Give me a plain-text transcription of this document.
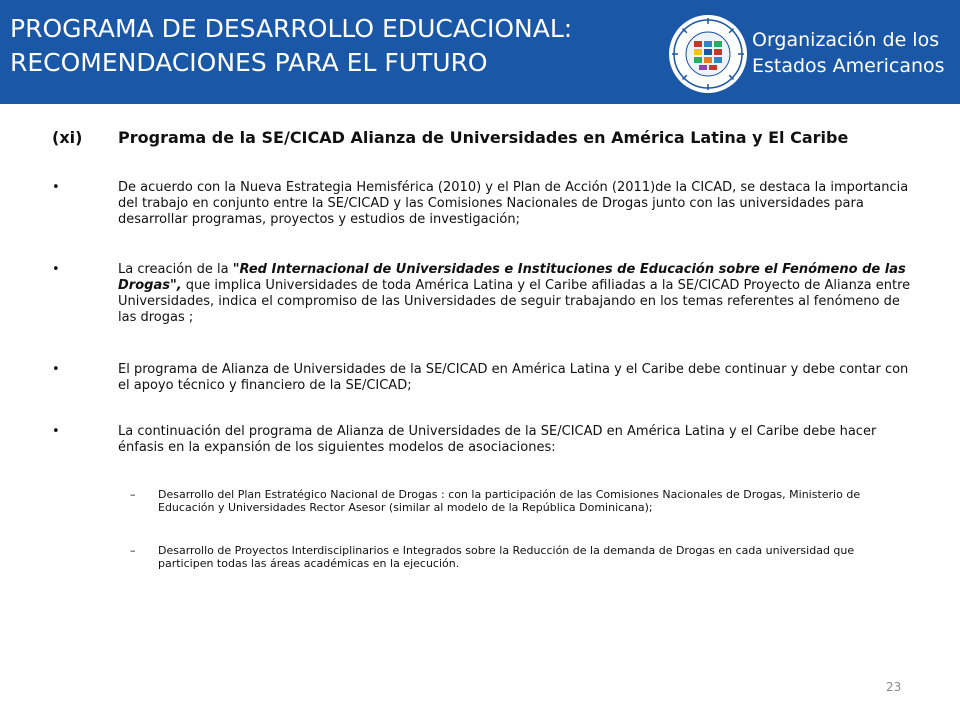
PROGRAMA DE DESARROLLO EDUCACIONAL:
RECOMENDACIONES PARA EL FUTURO
Organización de los
Estados Americanos
(xi) Programa de la SE/CICAD Alianza de Universidades en América Latina y El Caribe
•	De acuerdo con la Nueva Estrategia Hemisférica (2010) y el Plan de Acción (2011)de la CICAD, se destaca la importancia del trabajo en conjunto entre la SE/CICAD y las Comisiones Nacionales de Drogas junto con las universidades para desarrollar programas, proyectos y estudios de investigación;
•	La creación de la "Red Internacional de Universidades e Instituciones de Educación sobre el Fenómeno de las Drogas", que implica Universidades de toda América Latina y el Caribe afiliadas a la SE/CICAD Proyecto de Alianza entre Universidades, indica el compromiso de las Universidades de seguir trabajando en los temas referentes al fenómeno de las drogas ;
•	El programa de Alianza de Universidades de la SE/CICAD en América Latina y el Caribe debe continuar y debe contar con el apoyo técnico y financiero de la SE/CICAD;
•	La continuación del programa de Alianza de Universidades de la SE/CICAD en América Latina y el Caribe debe hacer énfasis en la expansión de los siguientes modelos de asociaciones:
– Desarrollo del Plan Estratégico Nacional de Drogas : con la participación de las Comisiones Nacionales de Drogas, Ministerio de Educación y Universidades Rector Asesor (similar al modelo de la República Dominicana);
– Desarrollo de Proyectos Interdisciplinarios e Integrados sobre la Reducción de la demanda de Drogas en cada universidad que participen todas las áreas académicas en la ejecución.
23
